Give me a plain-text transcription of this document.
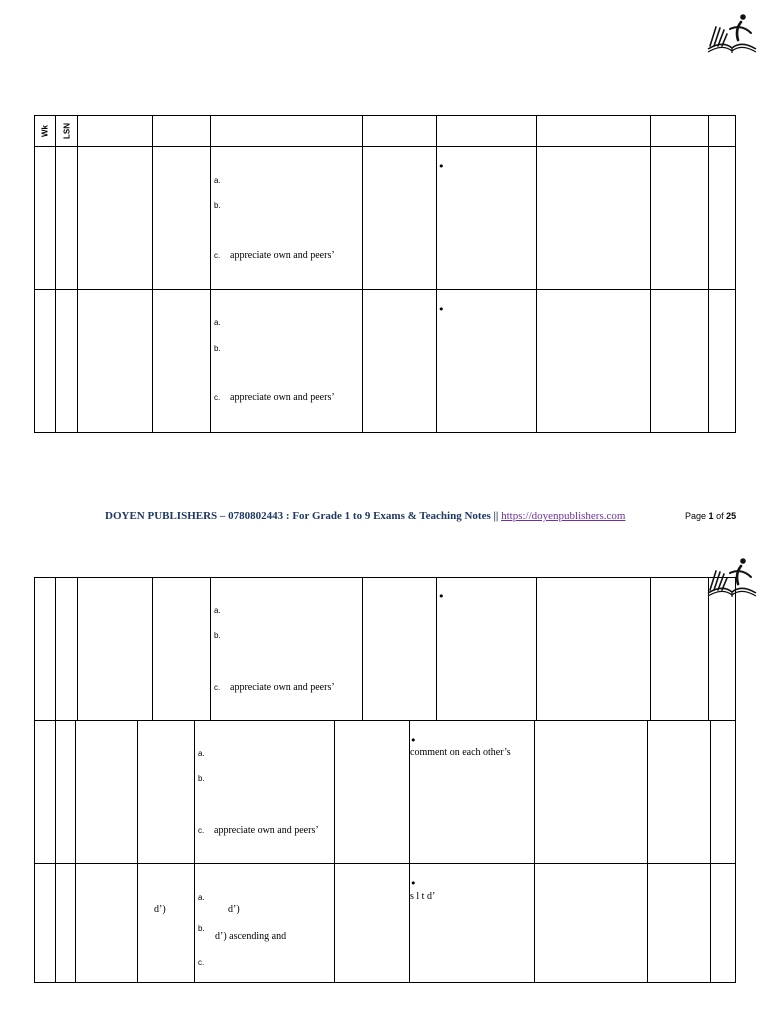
Wk LSN
a.
b.
c. appreciate own and peers’
•
a.
b.
c. appreciate own and peers’
•
DOYEN PUBLISHERS – 0780802443 : For Grade 1 to 9 Exams & Teaching Notes || https://doyenpublishers.com	Page 1 of 25
a.
b.
c. appreciate own and peers’
•
a.
b.
c. appreciate own and peers’
•
comment on each other’s
d’)
a.
d’)
b.
d’) ascending and
c.
•
s l t d’
